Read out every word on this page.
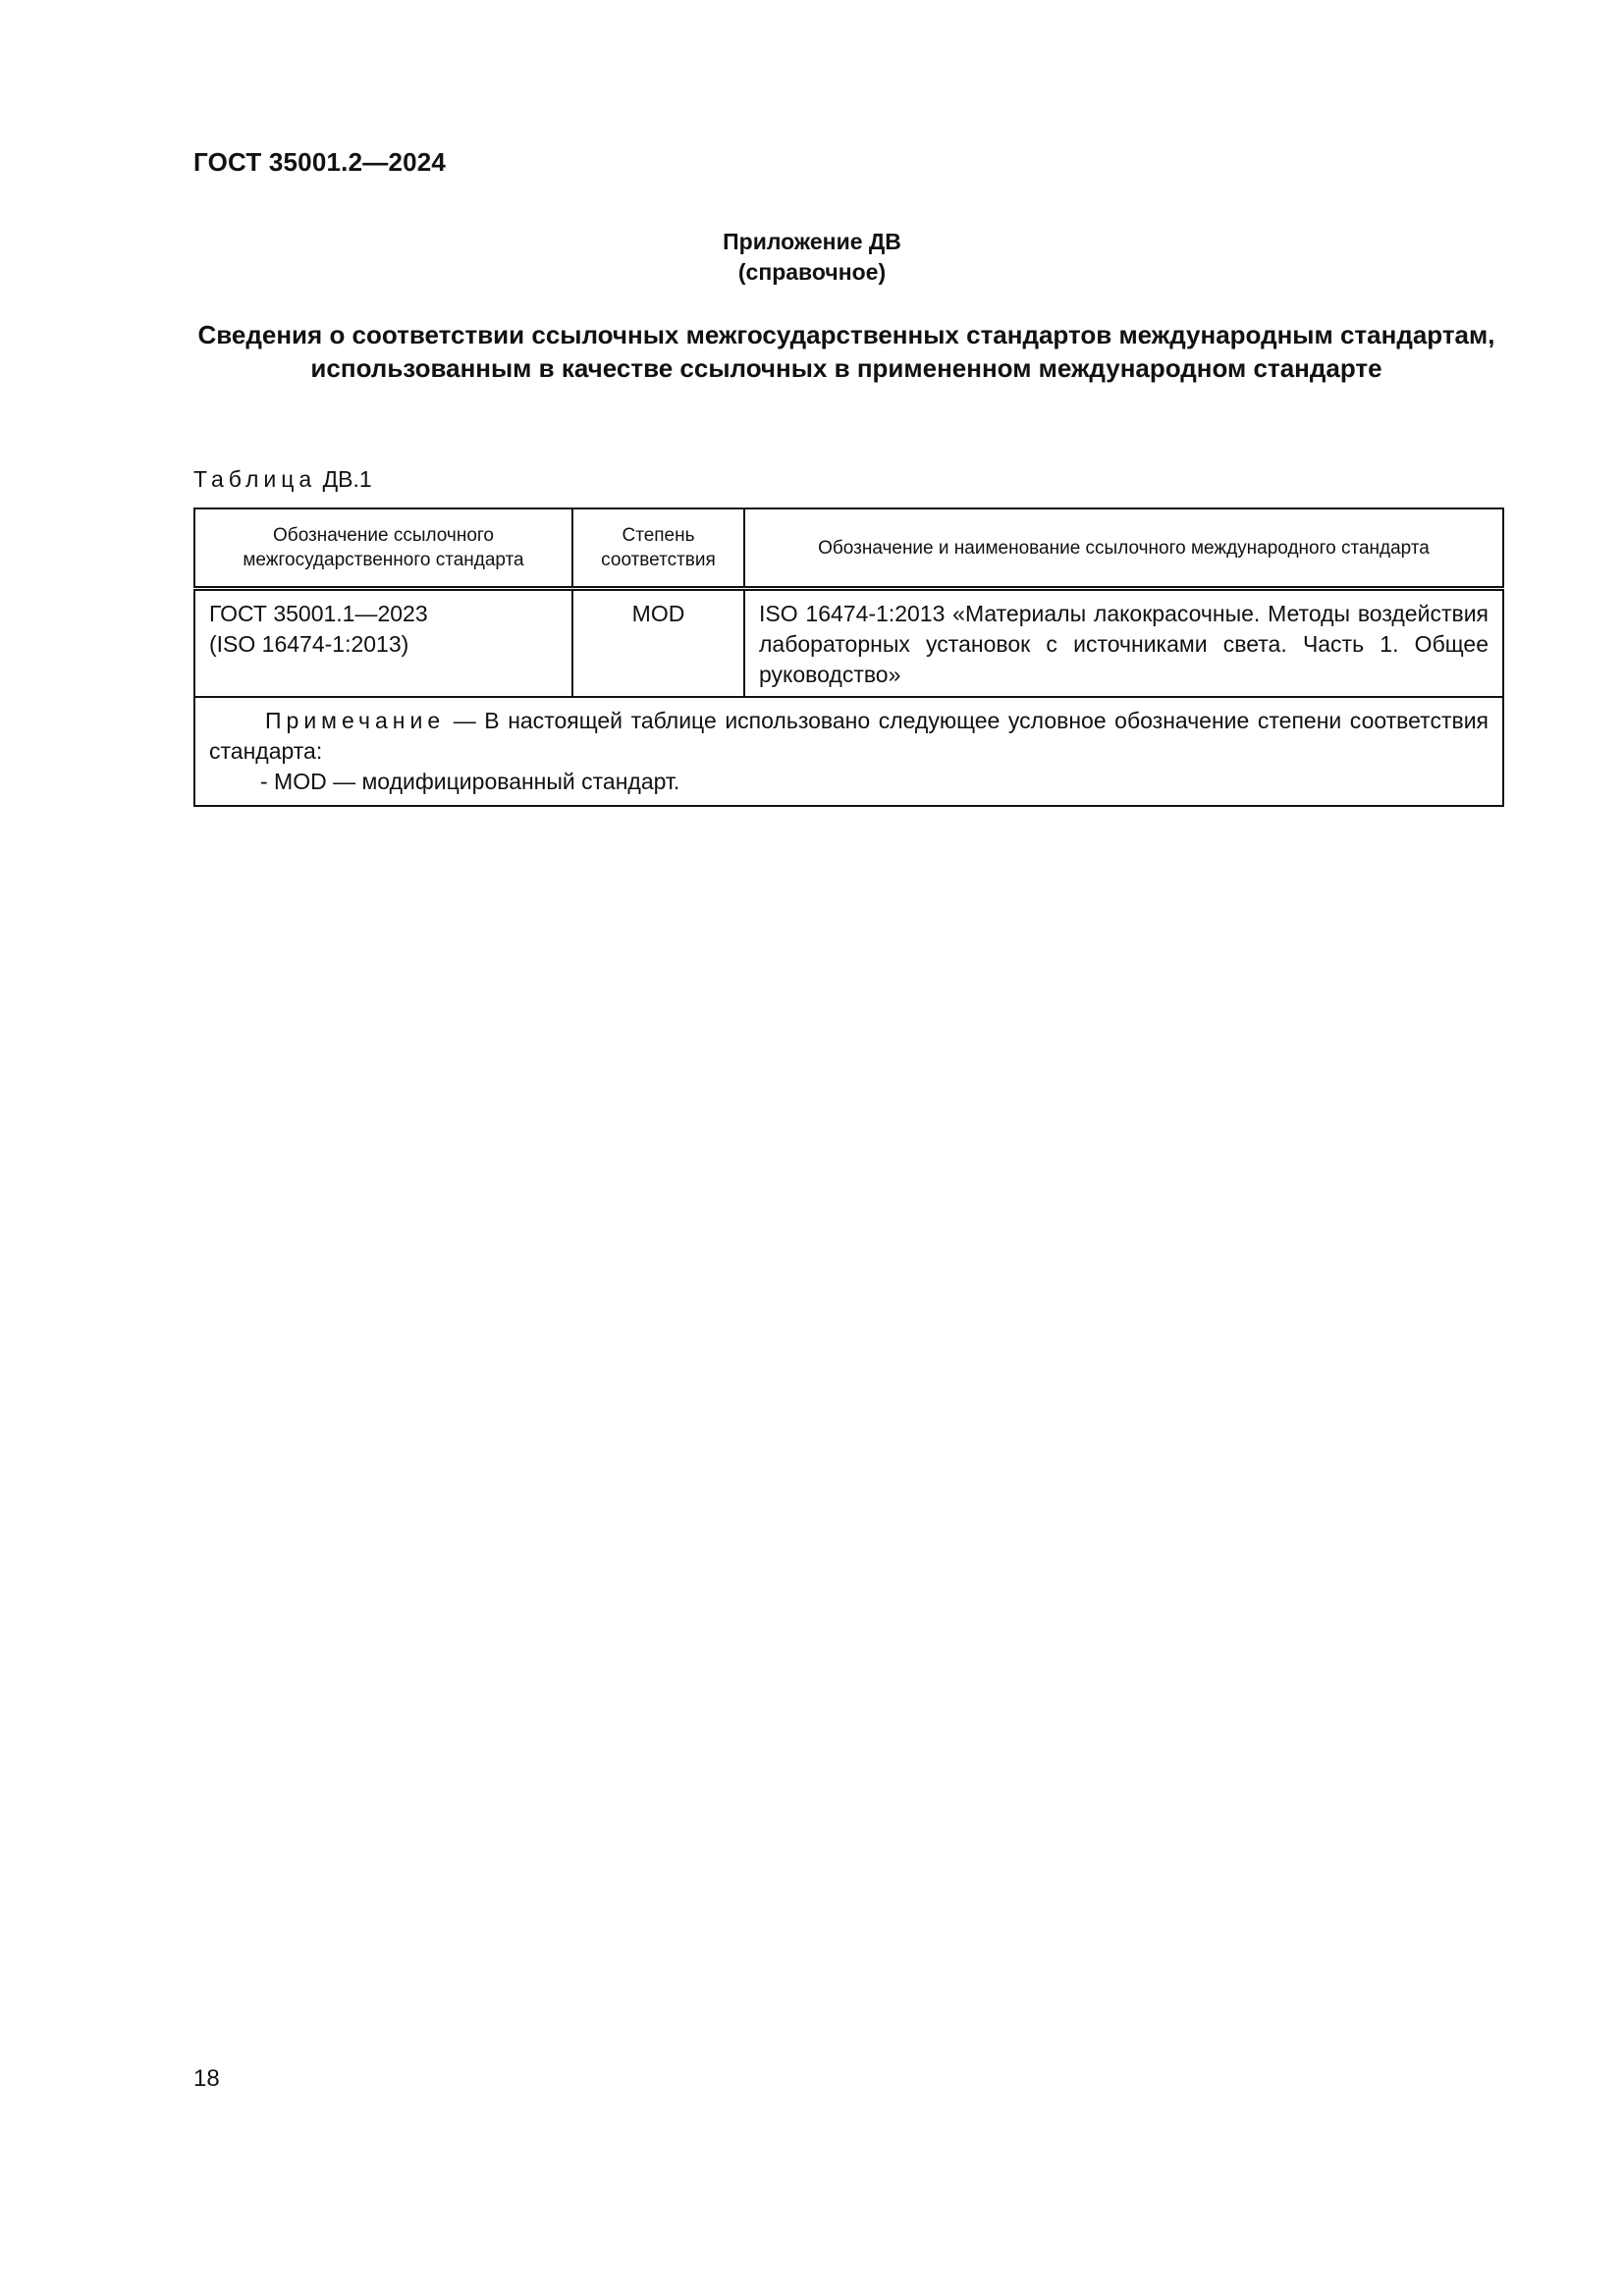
ГОСТ 35001.2—2024
Приложение ДВ
(справочное)
Сведения о соответствии ссылочных межгосударственных стандартов международным стандартам, использованным в качестве ссылочных в примененном международном стандарте
Таблица ДВ.1
Обозначение ссылочного межгосударственного стандарта	Степень соответствия	Обозначение и наименование ссылочного международного стандарта

ГОСТ 35001.1—2023
(ISO 16474-1:2013)	MOD	ISO 16474-1:2013 «Материалы лакокрасочные. Методы воздействия лабораторных установок с источниками света. Часть 1. Общее руководство»

Примечание — В настоящей таблице использовано следующее условное обозначение степени соответствия стандарта:
- MOD — модифицированный стандарт.		
18
